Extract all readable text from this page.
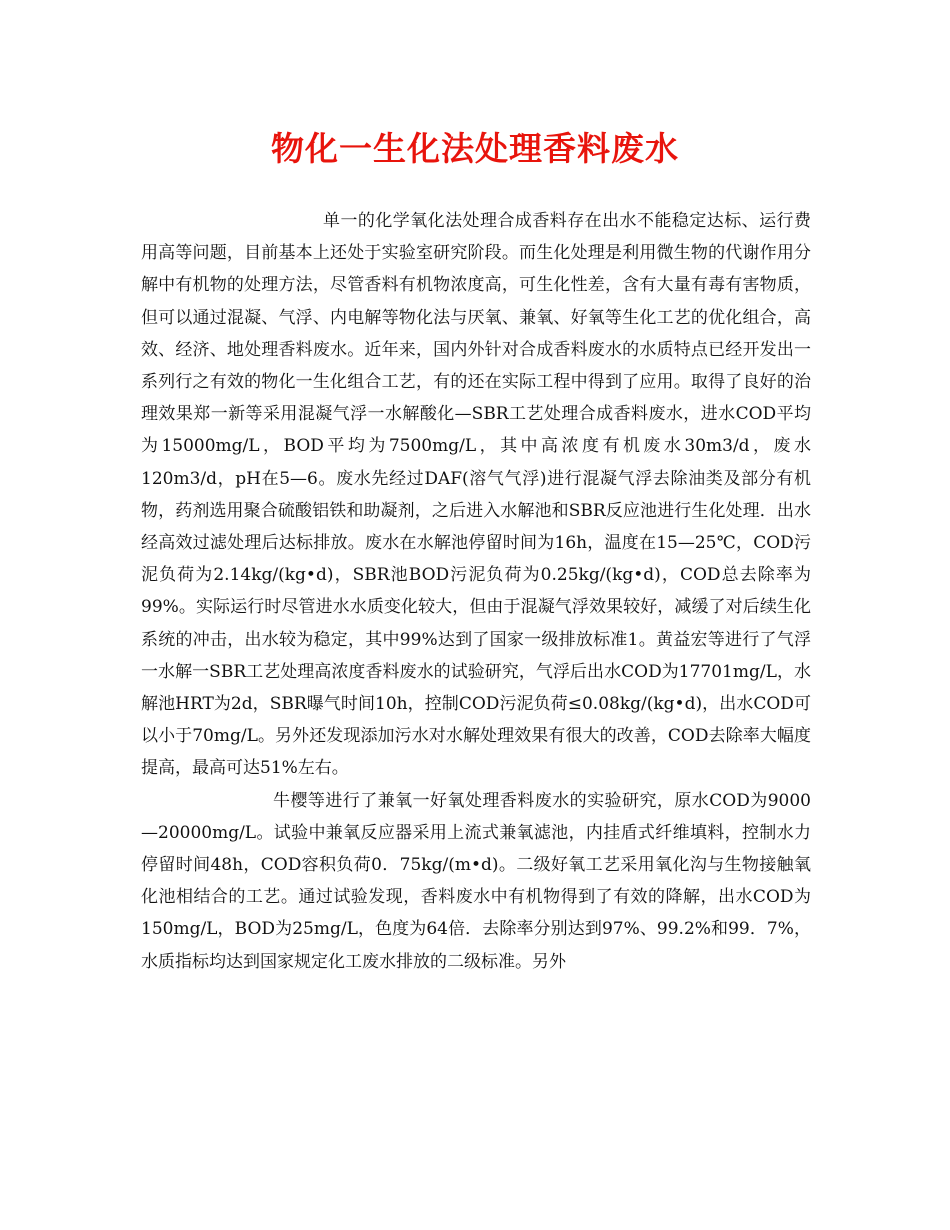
物化一生化法处理香料废水

单一的化学氧化法处理合成香料存在出水不能稳定达标、运行费用高等问题，目前基本上还处于实验室研究阶段。而生化处理是利用微生物的代谢作用分解中有机物的处理方法，尽管香料有机物浓度高，可生化性差，含有大量有毒有害物质，但可以通过混凝、气浮、内电解等物化法与厌氧、兼氧、好氧等生化工艺的优化组合，高效、经济、地处理香料废水。近年来，国内外针对合成香料废水的水质特点已经开发出一系列行之有效的物化一生化组合工艺，有的还在实际工程中得到了应用。取得了良好的治理效果郑一新等采用混凝气浮一水解酸化—SBR工艺处理合成香料废水，进水COD平均为15000mg/L，BOD平均为7500mg/L，其中高浓度有机废水30m3/d，废水120m3/d，pH在5—6。废水先经过DAF(溶气气浮)进行混凝气浮去除油类及部分有机物，药剂选用聚合硫酸铝铁和助凝剂，之后进入水解池和SBR反应池进行生化处理．出水经高效过滤处理后达标排放。废水在水解池停留时间为16h，温度在15—25℃，COD污泥负荷为2.14kg/(kg•d)，SBR池BOD污泥负荷为0.25kg/(kg•d)，COD总去除率为99%。实际运行时尽管进水水质变化较大，但由于混凝气浮效果较好，减缓了对后续生化系统的冲击，出水较为稳定，其中99%达到了国家一级排放标准1。黄益宏等进行了气浮一水解一SBR工艺处理高浓度香料废水的试验研究，气浮后出水COD为17701mg/L，水解池HRT为2d，SBR曝气时间10h，控制COD污泥负荷≤0.08kg/(kg•d)，出水COD可以小于70mg/L。另外还发现添加污水对水解处理效果有很大的改善，COD去除率大幅度提高，最高可达51%左右。

牛樱等进行了兼氧一好氧处理香料废水的实验研究，原水COD为9000—20000mg/L。试验中兼氧反应器采用上流式兼氧滤池，内挂盾式纤维填料，控制水力停留时间48h，COD容积负荷0．75kg/(m•d)。二级好氧工艺采用氧化沟与生物接触氧化池相结合的工艺。通过试验发现，香料废水中有机物得到了有效的降解，出水COD为150mg/L，BOD为25mg/L，色度为64倍．去除率分别达到97%、99.2%和99．7%，水质指标均达到国家规定化工废水排放的二级标准。另外
